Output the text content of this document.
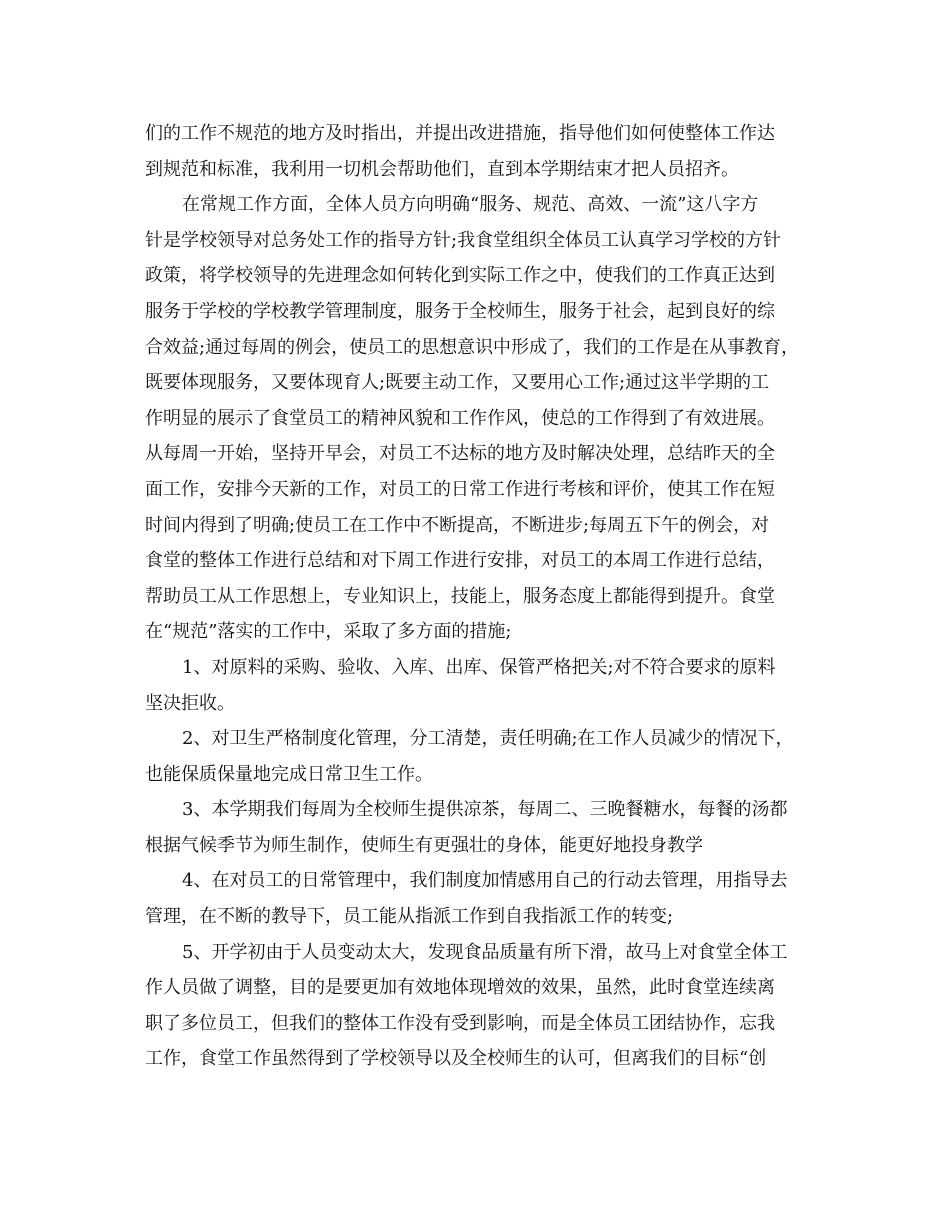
们的工作不规范的地方及时指出，并提出改进措施，指导他们如何使整体工作达
到规范和标准，我利用一切机会帮助他们，直到本学期结束才把人员招齐。
在常规工作方面，全体人员方向明确“服务、规范、高效、一流”这八字方
针是学校领导对总务处工作的指导方针;我食堂组织全体员工认真学习学校的方针
政策，将学校领导的先进理念如何转化到实际工作之中，使我们的工作真正达到
服务于学校的学校教学管理制度，服务于全校师生，服务于社会，起到良好的综
合效益;通过每周的例会，使员工的思想意识中形成了，我们的工作是在从事教育，
既要体现服务，又要体现育人;既要主动工作，又要用心工作;通过这半学期的工
作明显的展示了食堂员工的精神风貌和工作作风，使总的工作得到了有效进展。
从每周一开始，坚持开早会，对员工不达标的地方及时解决处理，总结昨天的全
面工作，安排今天新的工作，对员工的日常工作进行考核和评价，使其工作在短
时间内得到了明确;使员工在工作中不断提高，不断进步;每周五下午的例会，对
食堂的整体工作进行总结和对下周工作进行安排，对员工的本周工作进行总结，
帮助员工从工作思想上，专业知识上，技能上，服务态度上都能得到提升。食堂
在“规范”落实的工作中，采取了多方面的措施;
1、对原料的采购、验收、入库、出库、保管严格把关;对不符合要求的原料
坚决拒收。
2、对卫生严格制度化管理，分工清楚，责任明确;在工作人员减少的情况下，
也能保质保量地完成日常卫生工作。
3、本学期我们每周为全校师生提供凉茶，每周二、三晚餐糖水，每餐的汤都
根据气候季节为师生制作，使师生有更强壮的身体，能更好地投身教学
4、在对员工的日常管理中，我们制度加情感用自己的行动去管理，用指导去
管理，在不断的教导下，员工能从指派工作到自我指派工作的转变;
5、开学初由于人员变动太大，发现食品质量有所下滑，故马上对食堂全体工
作人员做了调整，目的是要更加有效地体现增效的效果，虽然，此时食堂连续离
职了多位员工，但我们的整体工作没有受到影响，而是全体员工团结协作，忘我
工作，食堂工作虽然得到了学校领导以及全校师生的认可，但离我们的目标“创
